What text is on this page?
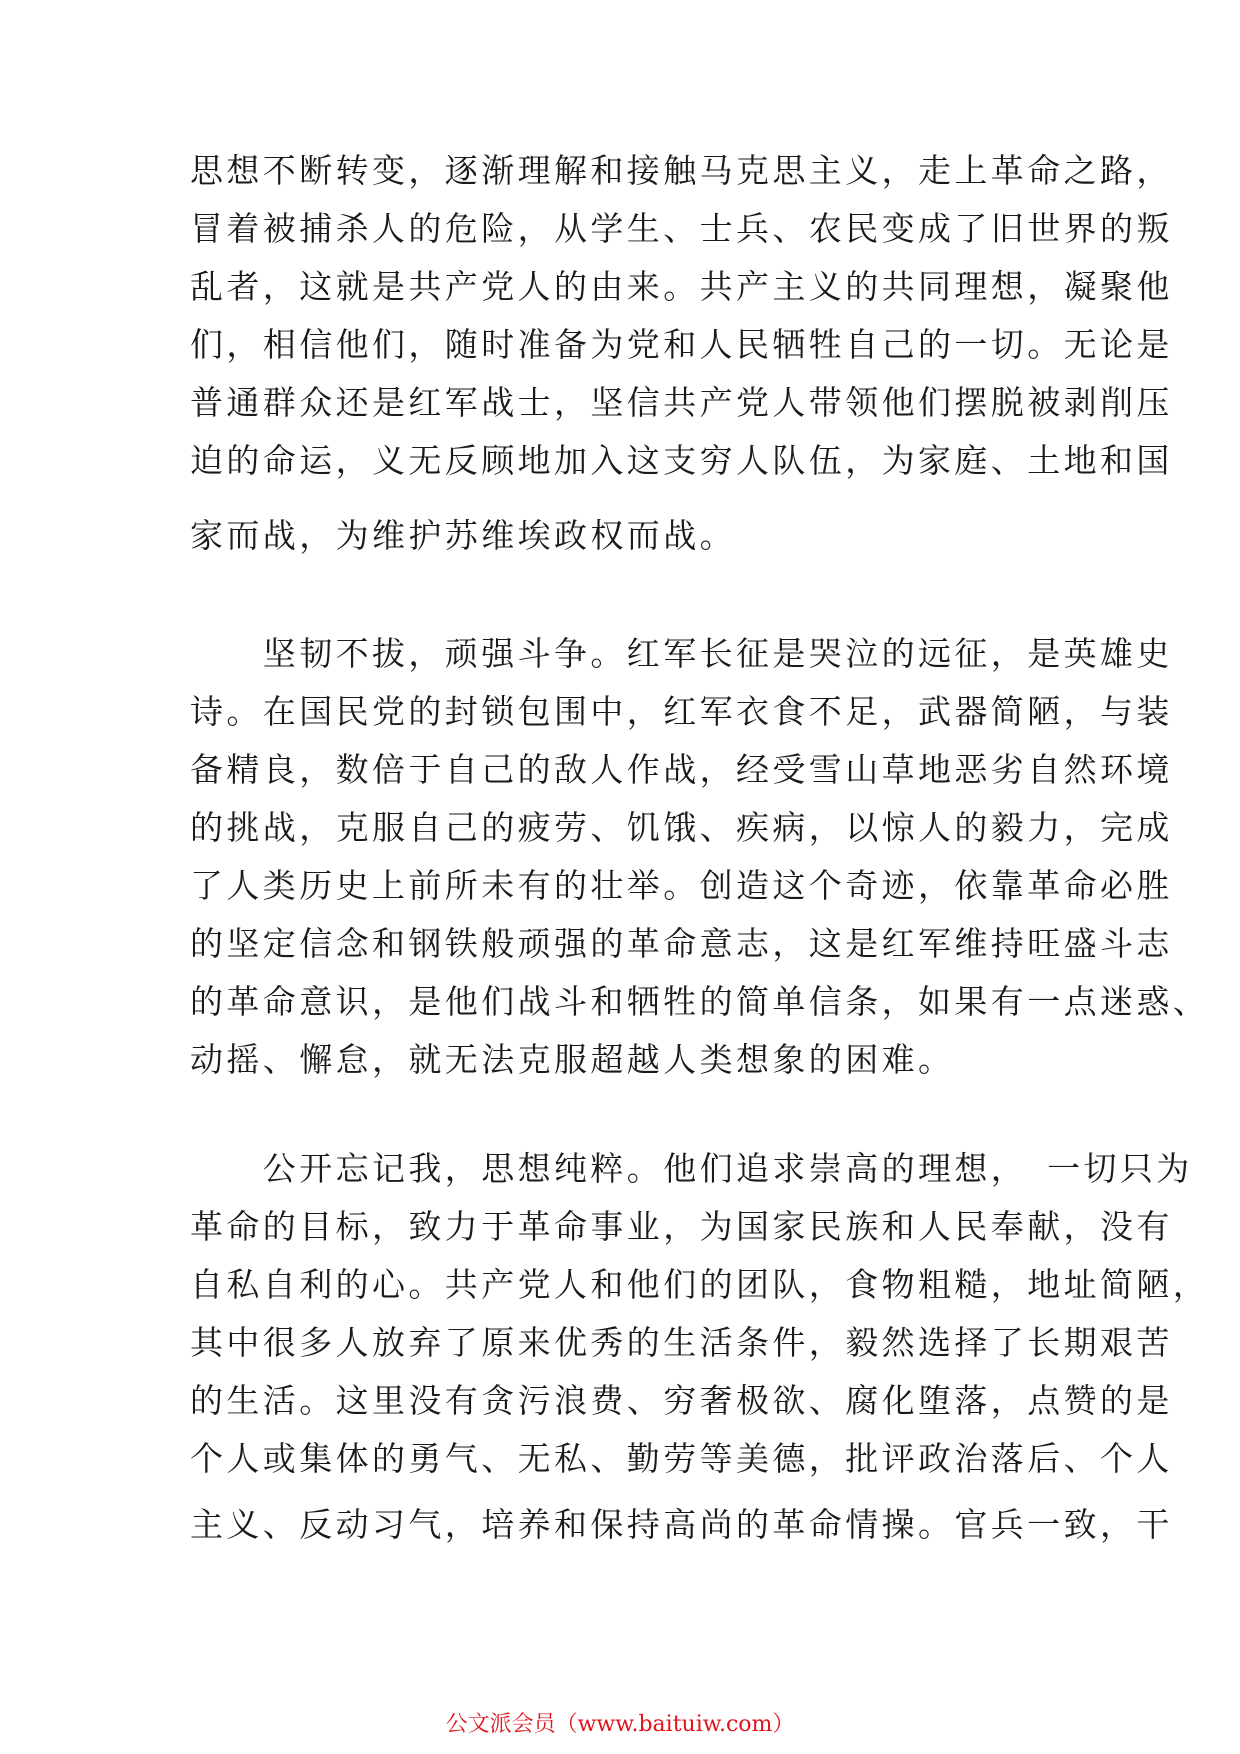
思想不断转变，逐渐理解和接触马克思主义，走上革命之路，
冒着被捕杀人的危险，从学生、士兵、农民变成了旧世界的叛
乱者，这就是共产党人的由来。共产主义的共同理想，凝聚他
们，相信他们，随时准备为党和人民牺牲自己的一切。无论是
普通群众还是红军战士，坚信共产党人带领他们摆脱被剥削压
迫的命运，义无反顾地加入这支穷人队伍，为家庭、土地和国
家而战，为维护苏维埃政权而战。
　　坚韧不拔，顽强斗争。红军长征是哭泣的远征，是英雄史
诗。在国民党的封锁包围中，红军衣食不足，武器简陋，与装
备精良，数倍于自己的敌人作战，经受雪山草地恶劣自然环境
的挑战，克服自己的疲劳、饥饿、疾病，以惊人的毅力，完成
了人类历史上前所未有的壮举。创造这个奇迹，依靠革命必胜
的坚定信念和钢铁般顽强的革命意志，这是红军维持旺盛斗志
的革命意识，是他们战斗和牺牲的简单信条，如果有一点迷惑、
动摇、懈怠，就无法克服超越人类想象的困难。
　　公开忘记我，思想纯粹。他们追求崇高的理想，　一切只为
革命的目标，致力于革命事业，为国家民族和人民奉献，没有
自私自利的心。共产党人和他们的团队，食物粗糙，地址简陋，
其中很多人放弃了原来优秀的生活条件，毅然选择了长期艰苦
的生活。这里没有贪污浪费、穷奢极欲、腐化堕落，点赞的是
个人或集体的勇气、无私、勤劳等美德，批评政治落后、个人
主义、反动习气，培养和保持高尚的革命情操。官兵一致，干
公文派会员（www.baituiw.com）
